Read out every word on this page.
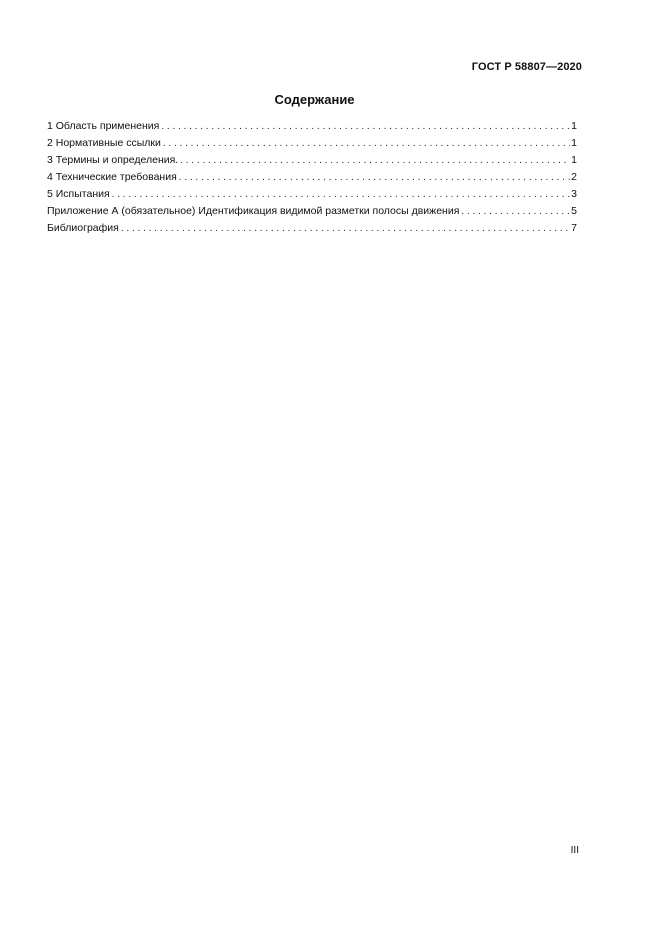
ГОСТ Р 58807—2020
Содержание
1 Область применения . . .	1
2 Нормативные ссылки . . .	1
3 Термины и определения. . . .	1
4 Технические требования . . .	2
5 Испытания . . .	3
Приложение А (обязательное) Идентификация видимой разметки полосы движения . . .	5
Библиография . . .	7
III
